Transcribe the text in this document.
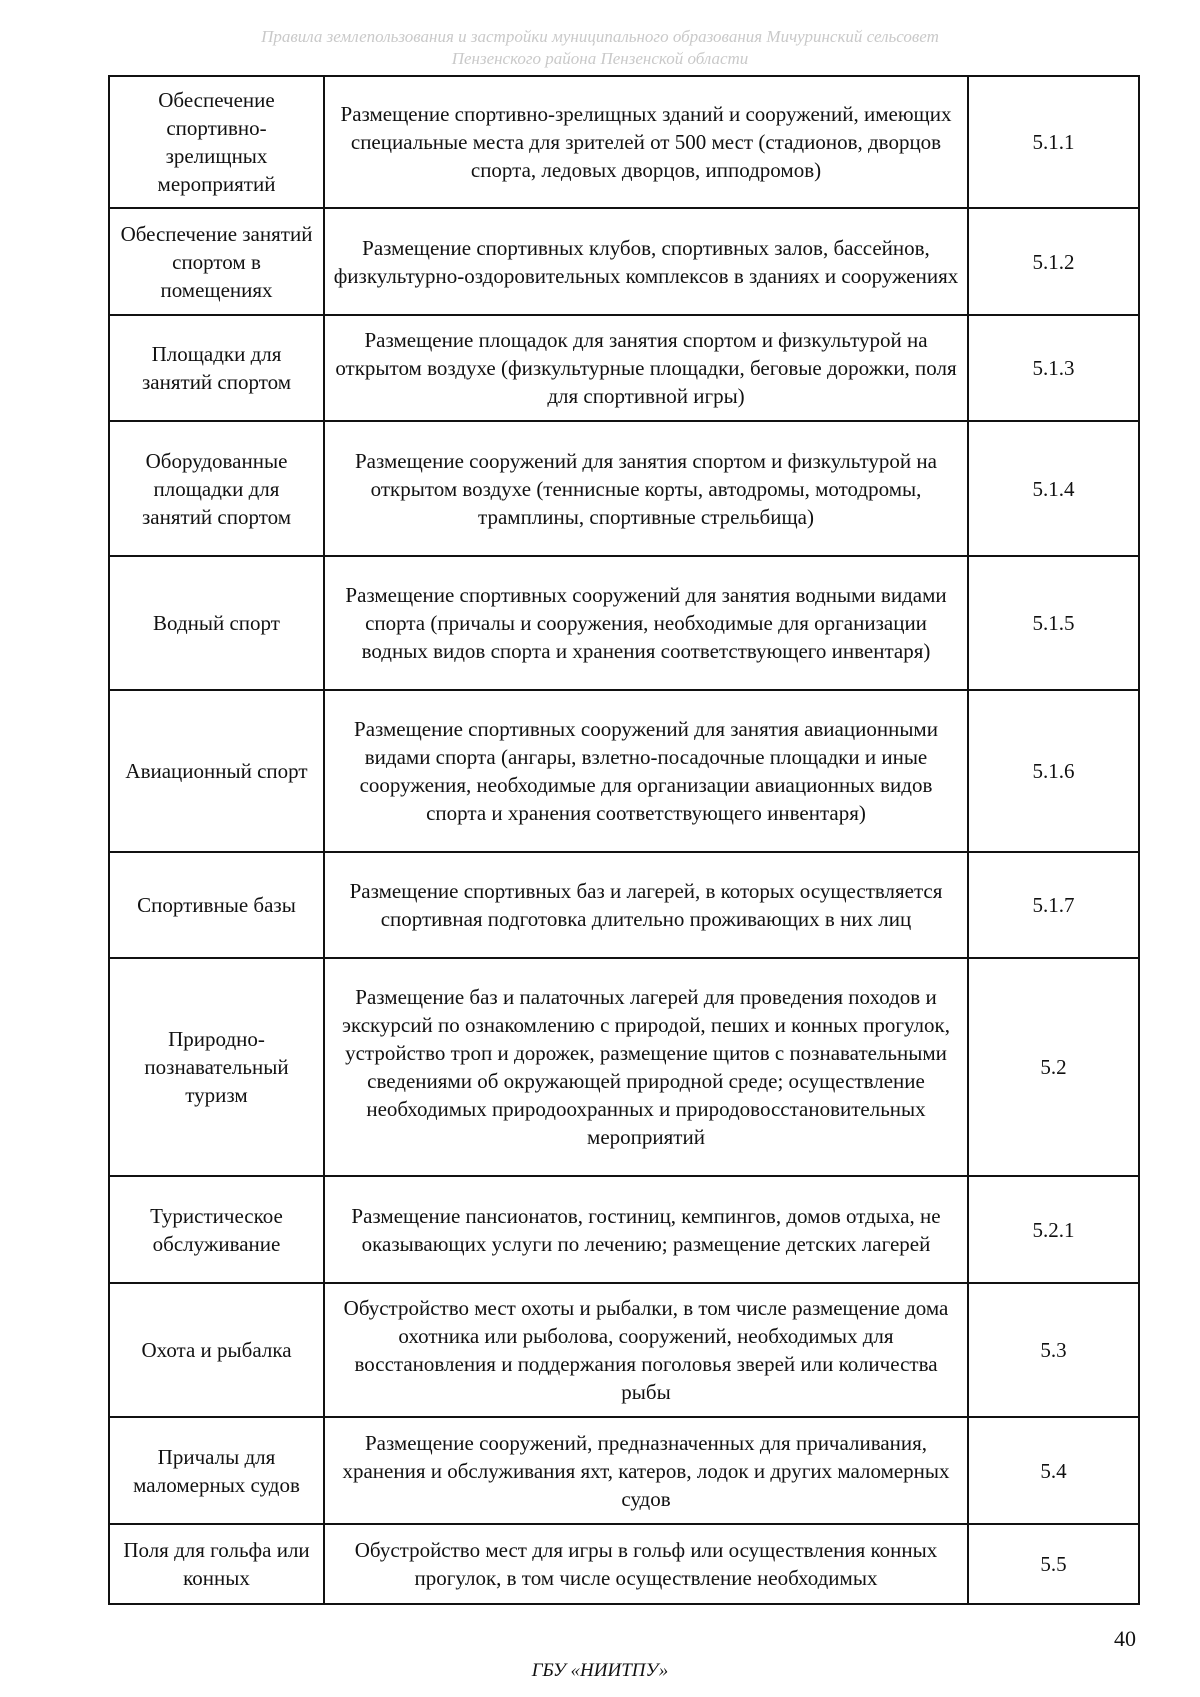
Правила землепользования и застройки муниципального образования Мичуринский сельсовет
Пензенского района Пензенской области
Обеспечение спортивно-зрелищных мероприятий	Размещение спортивно-зрелищных зданий и сооружений, имеющих специальные места для зрителей от 500 мест (стадионов, дворцов спорта, ледовых дворцов, ипподромов)	5.1.1
Обеспечение занятий спортом в помещениях	Размещение спортивных клубов, спортивных залов, бассейнов, физкультурно-оздоровительных комплексов в зданиях и сооружениях	5.1.2
Площадки для занятий спортом	Размещение площадок для занятия спортом и физкультурой на открытом воздухе (физкультурные площадки, беговые дорожки, поля для спортивной игры)	5.1.3
Оборудованные площадки для занятий спортом	Размещение сооружений для занятия спортом и физкультурой на открытом воздухе (теннисные корты, автодромы, мотодромы, трамплины, спортивные стрельбища)	5.1.4
Водный спорт	Размещение спортивных сооружений для занятия водными видами спорта (причалы и сооружения, необходимые для организации водных видов спорта и хранения соответствующего инвентаря)	5.1.5
Авиационный спорт	Размещение спортивных сооружений для занятия авиационными видами спорта (ангары, взлетно-посадочные площадки и иные сооружения, необходимые для организации авиационных видов спорта и хранения соответствующего инвентаря)	5.1.6
Спортивные базы	Размещение спортивных баз и лагерей, в которых осуществляется спортивная подготовка длительно проживающих в них лиц	5.1.7
Природно-познавательный туризм	Размещение баз и палаточных лагерей для проведения походов и экскурсий по ознакомлению с природой, пеших и конных прогулок, устройство троп и дорожек, размещение щитов с познавательными сведениями об окружающей природной среде; осуществление необходимых природоохранных и природовосстановительных мероприятий	5.2
Туристическое обслуживание	Размещение пансионатов, гостиниц, кемпингов, домов отдыха, не оказывающих услуги по лечению; размещение детских лагерей	5.2.1
Охота и рыбалка	Обустройство мест охоты и рыбалки, в том числе размещение дома охотника или рыболова, сооружений, необходимых для восстановления и поддержания поголовья зверей или количества рыбы	5.3
Причалы для маломерных судов	Размещение сооружений, предназначенных для причаливания, хранения и обслуживания яхт, катеров, лодок и других маломерных судов	5.4
Поля для гольфа или конных	Обустройство мест для игры в гольф или осуществления конных прогулок, в том числе осуществление необходимых	5.5
40
ГБУ «НИИТПУ»
